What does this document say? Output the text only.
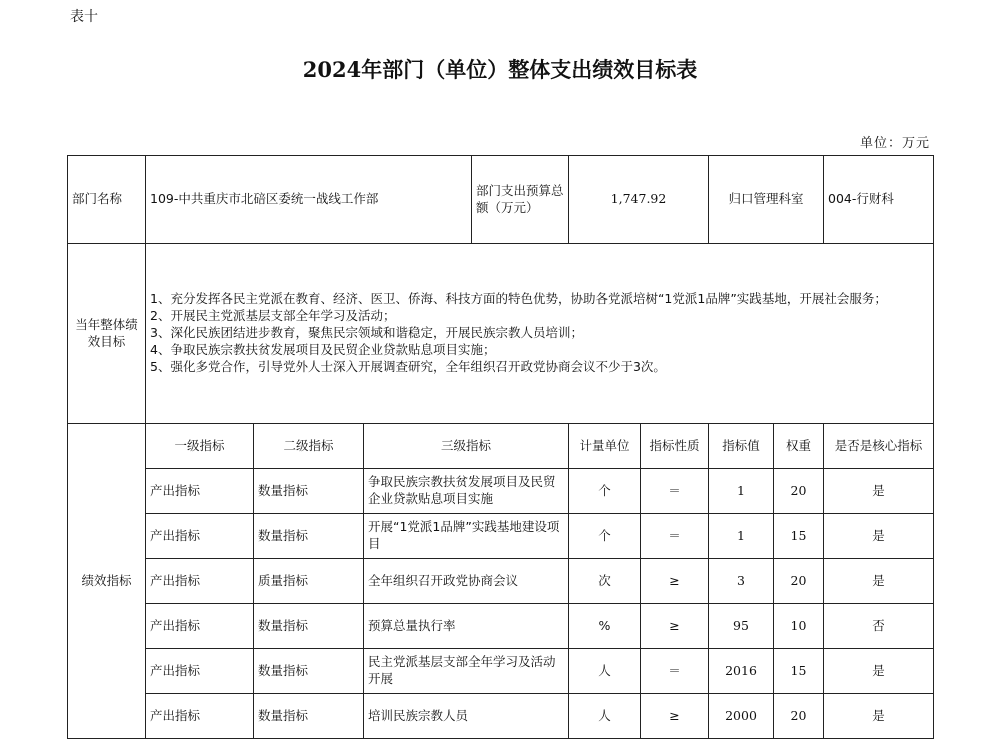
表十
2024年部门（单位）整体支出绩效目标表
单位：万元
部门名称	109-中共重庆市北碚区委统一战线工作部			部门支出预算总额（万元）	1,747.92		归口管理科室		004-行财科
当年整体绩效目标	1、充分发挥各民主党派在教育、经济、医卫、侨海、科技方面的特色优势，协助各党派培树“1党派1品牌”实践基地，开展社会服务；
2、开展民主党派基层支部全年学习及活动；
3、深化民族团结进步教育，聚焦民宗领域和谐稳定，开展民族宗教人员培训；
4、争取民族宗教扶贫发展项目及民贸企业贷款贴息项目实施；
5、强化多党合作，引导党外人士深入开展调查研究，全年组织召开政党协商会议不少于3次。								

绩效指标	一级指标	二级指标	三级指标		计量单位	指标性质	指标值	权重	是否是核心指标
	产出指标	数量指标	争取民族宗教扶贫发展项目及民贸企业贷款贴息项目实施		个	＝	1	20	是
	产出指标	数量指标	开展“1党派1品牌”实践基地建设项目		个	＝	1	15	是
	产出指标	质量指标	全年组织召开政党协商会议		次	≥	3	20	是
	产出指标	数量指标	预算总量执行率		%	≥	95	10	否
	产出指标	数量指标	民主党派基层支部全年学习及活动开展		人	＝	2016	15	是
	产出指标	数量指标	培训民族宗教人员		人	≥	2000	20	是
